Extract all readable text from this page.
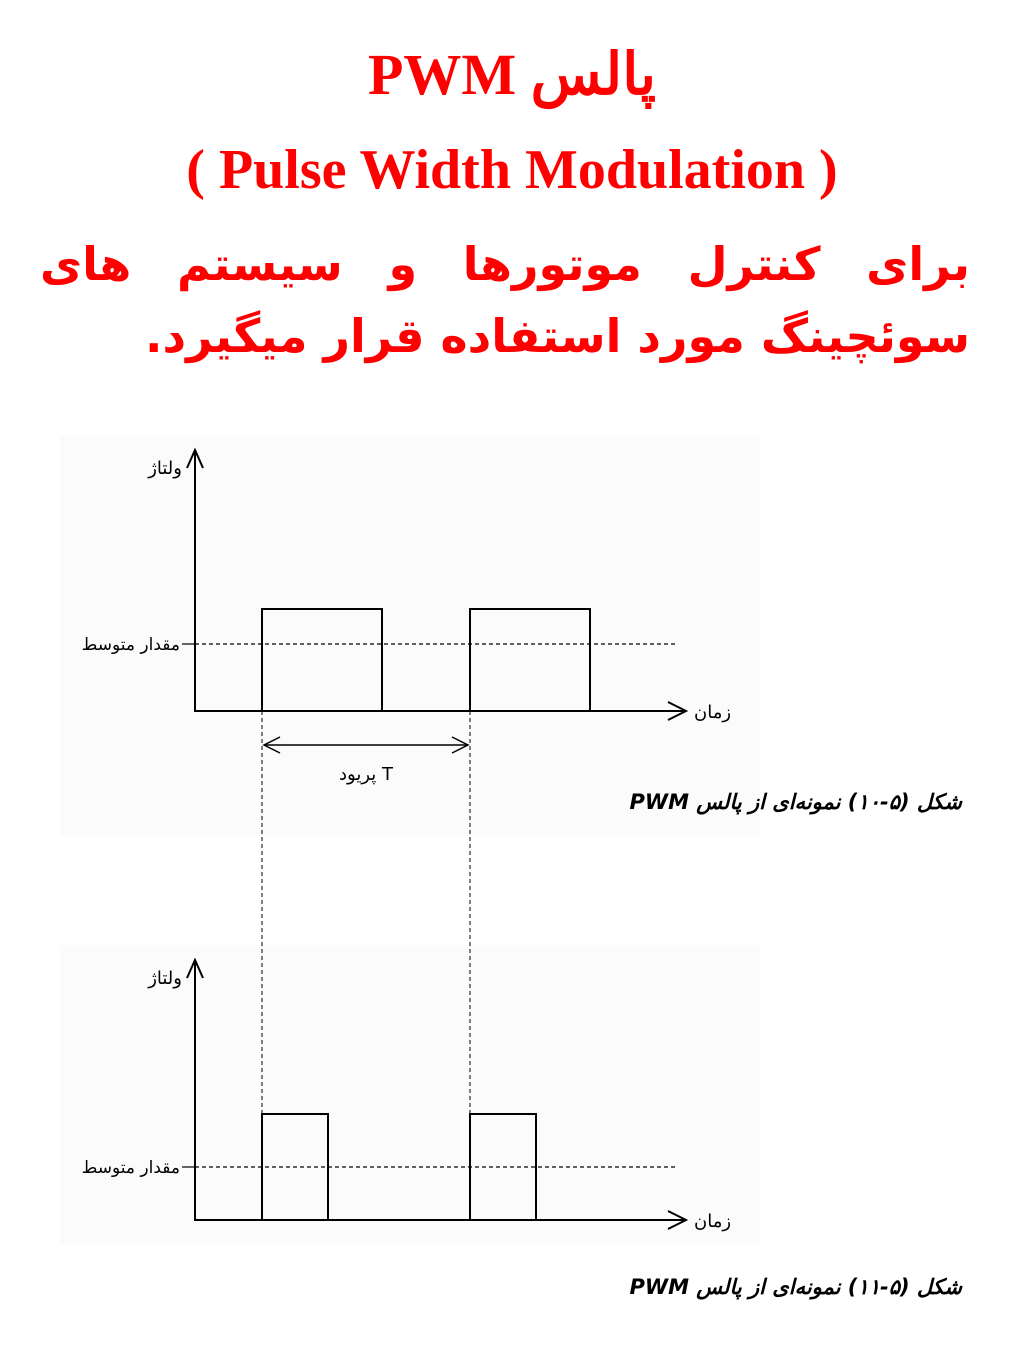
PWM پالس
( Pulse Width Modulation )

برای کنترل موتورها و سیستم های سوئچینگ مورد استفاده قرار میگیرد.

ولتاژ
مقدار متوسط
زمان
پریود T
ولتاژ
مقدار متوسط
زمان
شکل (۵-۱۰) نمونه‌ای از پالس PWM
شکل (۵-۱۱) نمونه‌ای از پالس PWM
